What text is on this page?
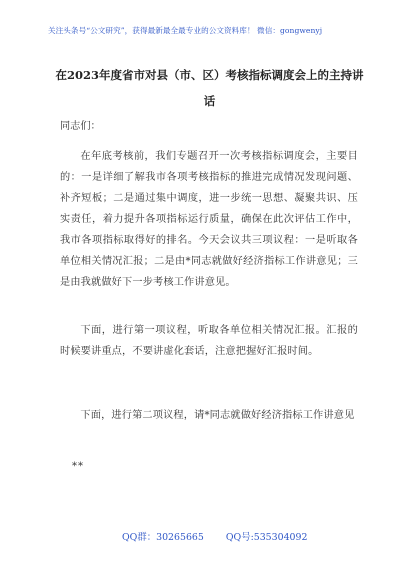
关注头条号“公文研究”，获得最新最全最专业的公文资料库！ 微信：gongwenyj
在2023年度省市对县（市、区）考核指标调度会上的主持讲话
同志们：
在年底考核前，我们专题召开一次考核指标调度会，主要目的：一是详细了解我市各项考核指标的推进完成情况发现问题、补齐短板；二是通过集中调度，进一步统一思想、凝聚共识、压实责任，着力提升各项指标运行质量，确保在此次评估工作中，我市各项指标取得好的排名。今天会议共三项议程：一是听取各单位相关情况汇报；二是由*同志就做好经济指标工作讲意见；三是由我就做好下一步考核工作讲意见。
下面，进行第一项议程，听取各单位相关情况汇报。汇报的时候要讲重点，不要讲虚化套话，注意把握好汇报时间。
下面，进行第二项议程，请*同志就做好经济指标工作讲意见
**
QQ群：30265665 QQ号:535304092
